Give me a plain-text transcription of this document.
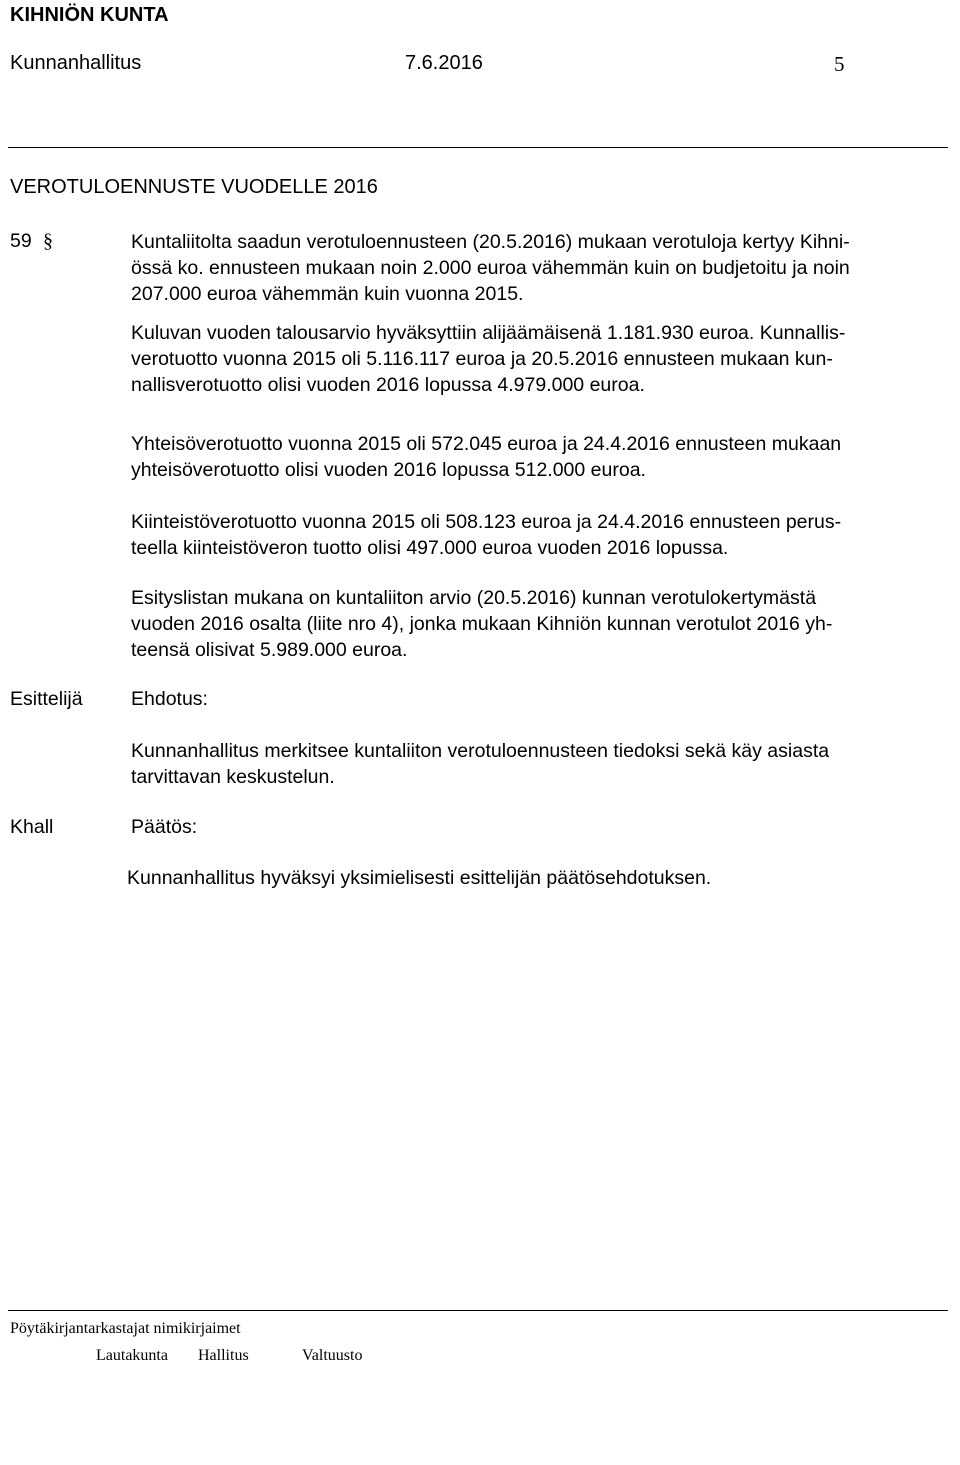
KIHNIÖN KUNTA
Kunnanhallitus	7.6.2016	5
VEROTULOENNUSTE VUODELLE 2016
59 §	Kuntaliitolta saadun verotuloennusteen (20.5.2016) mukaan verotuloja kertyy Kihni-
össä ko. ennusteen mukaan noin 2.000 euroa vähemmän kuin on budjetoitu ja noin
207.000 euroa vähemmän kuin vuonna 2015.
Kuluvan vuoden talousarvio hyväksyttiin alijäämäisenä 1.181.930 euroa. Kunnallis-
verotuotto vuonna 2015 oli 5.116.117 euroa ja 20.5.2016 ennusteen mukaan kun-
nallisverotuotto olisi vuoden 2016 lopussa 4.979.000 euroa.
Yhteisöverotuotto vuonna 2015 oli 572.045 euroa ja 24.4.2016 ennusteen mukaan
yhteisöverotuotto olisi vuoden 2016 lopussa 512.000 euroa.
Kiinteistöverotuotto vuonna 2015 oli 508.123 euroa ja 24.4.2016 ennusteen perus-
teella kiinteistöveron tuotto olisi 497.000 euroa vuoden 2016 lopussa.
Esityslistan mukana on kuntaliiton arvio (20.5.2016) kunnan verotulokertymästä
vuoden 2016 osalta (liite nro 4), jonka mukaan Kihniön kunnan verotulot 2016 yh-
teensä olisivat 5.989.000 euroa.
Esittelijä Ehdotus:
Kunnanhallitus merkitsee kuntaliiton verotuloennusteen tiedoksi sekä käy asiasta
tarvittavan keskustelun.
Khall	Päätös:
Kunnanhallitus hyväksyi yksimielisesti esittelijän päätösehdotuksen.
Pöytäkirjantarkastajat nimikirjaimet
Lautakunta Hallitus	Valtuusto
